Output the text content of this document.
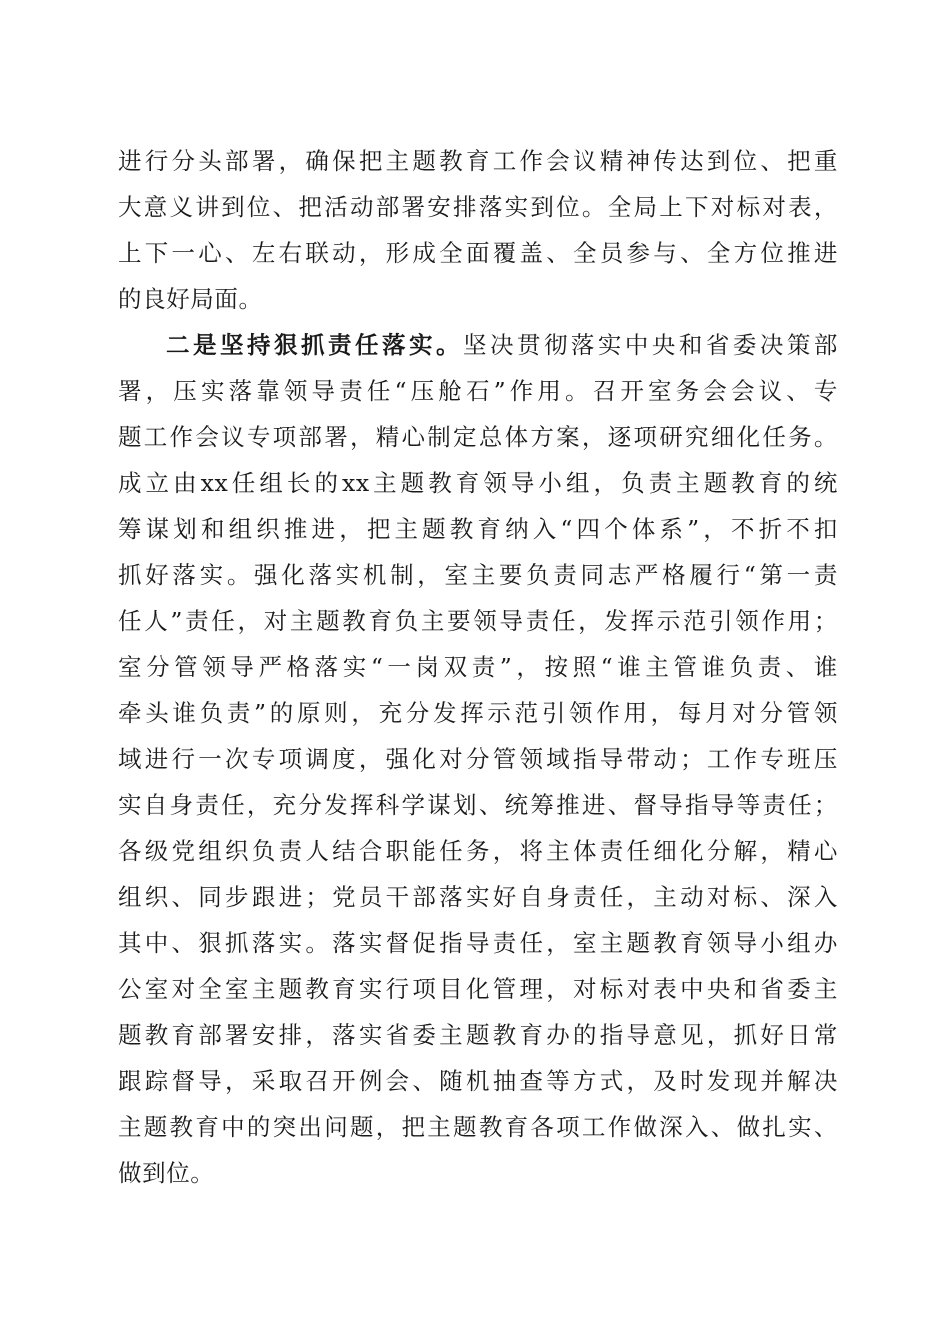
进行分头部署，确保把主题教育工作会议精神传达到位、把重
大意义讲到位、把活动部署安排落实到位。全局上下对标对表，
上下一心、左右联动，形成全面覆盖、全员参与、全方位推进
的良好局面。
二是坚持狠抓责任落实。坚决贯彻落实中央和省委决策部
署，压实落靠领导责任“压舱石”作用。召开室务会会议、专
题工作会议专项部署，精心制定总体方案，逐项研究细化任务。
成立由xx任组长的xx主题教育领导小组，负责主题教育的统
筹谋划和组织推进，把主题教育纳入“四个体系”，不折不扣
抓好落实。强化落实机制，室主要负责同志严格履行“第一责
任人”责任，对主题教育负主要领导责任，发挥示范引领作用；
室分管领导严格落实“一岗双责”，按照“谁主管谁负责、谁
牵头谁负责”的原则，充分发挥示范引领作用，每月对分管领
域进行一次专项调度，强化对分管领域指导带动；工作专班压
实自身责任，充分发挥科学谋划、统筹推进、督导指导等责任；
各级党组织负责人结合职能任务，将主体责任细化分解，精心
组织、同步跟进；党员干部落实好自身责任，主动对标、深入
其中、狠抓落实。落实督促指导责任，室主题教育领导小组办
公室对全室主题教育实行项目化管理，对标对表中央和省委主
题教育部署安排，落实省委主题教育办的指导意见，抓好日常
跟踪督导，采取召开例会、随机抽查等方式，及时发现并解决
主题教育中的突出问题，把主题教育各项工作做深入、做扎实、
做到位。
